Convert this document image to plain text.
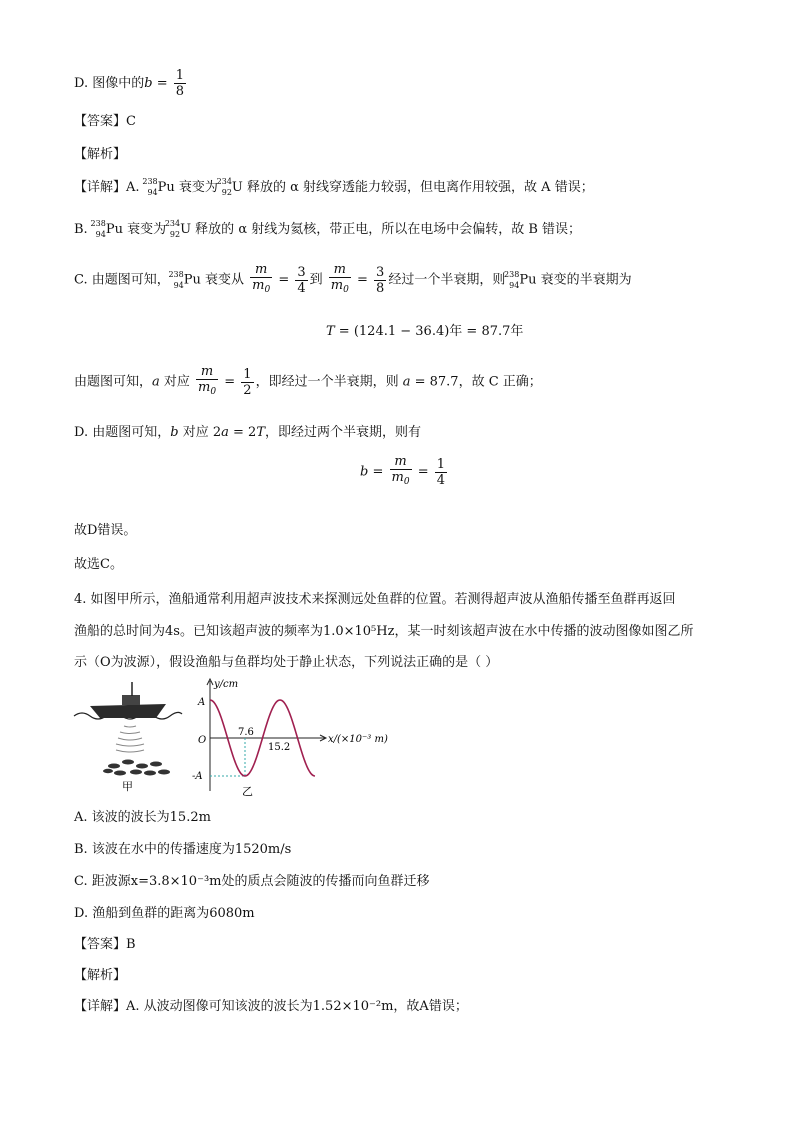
D. 图像中的$b = \frac{1}{8}$
【答案】C
【解析】
【详解】A.
238
94 Pu 衰变为
234
92 U 释放的 α 射线穿透能力较弱，但电离作用较强，故 A 错误；
B.
238
94 Pu 衰变为
234
92 U 释放的 α 射线为氦核，带正电，所以在电场中会偏转，故 B 错误；
C. 由题图可知，
238
94 Pu 衰变从 $\frac{m}{m_0} = \frac{3}{4}$ 到 $\frac{m}{m_0} = \frac{3}{8}$ 经过一个半衰期，则
238
94 Pu 衰变的半衰期为
T = (124.1 − 36.4)年 = 87.7年
由题图可知，a 对应 $\frac{m}{m_0} = \frac{1}{2}$ ，即经过一个半衰期，则 a = 87.7，故 C 正确；
D. 由题图可知，b 对应 2a = 2T，即经过两个半衰期，则有
$b = \frac{m}{m_0} = \frac{1}{4}$
故D错误。
故选C。
4. 如图甲所示，渔船通常利用超声波技术来探测远处鱼群的位置。若测得超声波从渔船传播至鱼群再返回
渔船的总时间为4s。已知该超声波的频率为1.0×10⁵Hz，某一时刻该超声波在水中传播的波动图像如图乙所
示（O为波源），假设渔船与鱼群均处于静止状态，下列说法正确的是（ ）
甲
y/cm
x/(×10⁻³ m)
A
-A
O
7.6
15.2
乙
A. 该波的波长为15.2m
B. 该波在水中的传播速度为1520m/s
C. 距波源x=3.8×10⁻³m处的质点会随波的传播而向鱼群迁移
D. 渔船到鱼群的距离为6080m
【答案】B
【解析】
【详解】A. 从波动图像可知该波的波长为1.52×10⁻²m，故A错误；
